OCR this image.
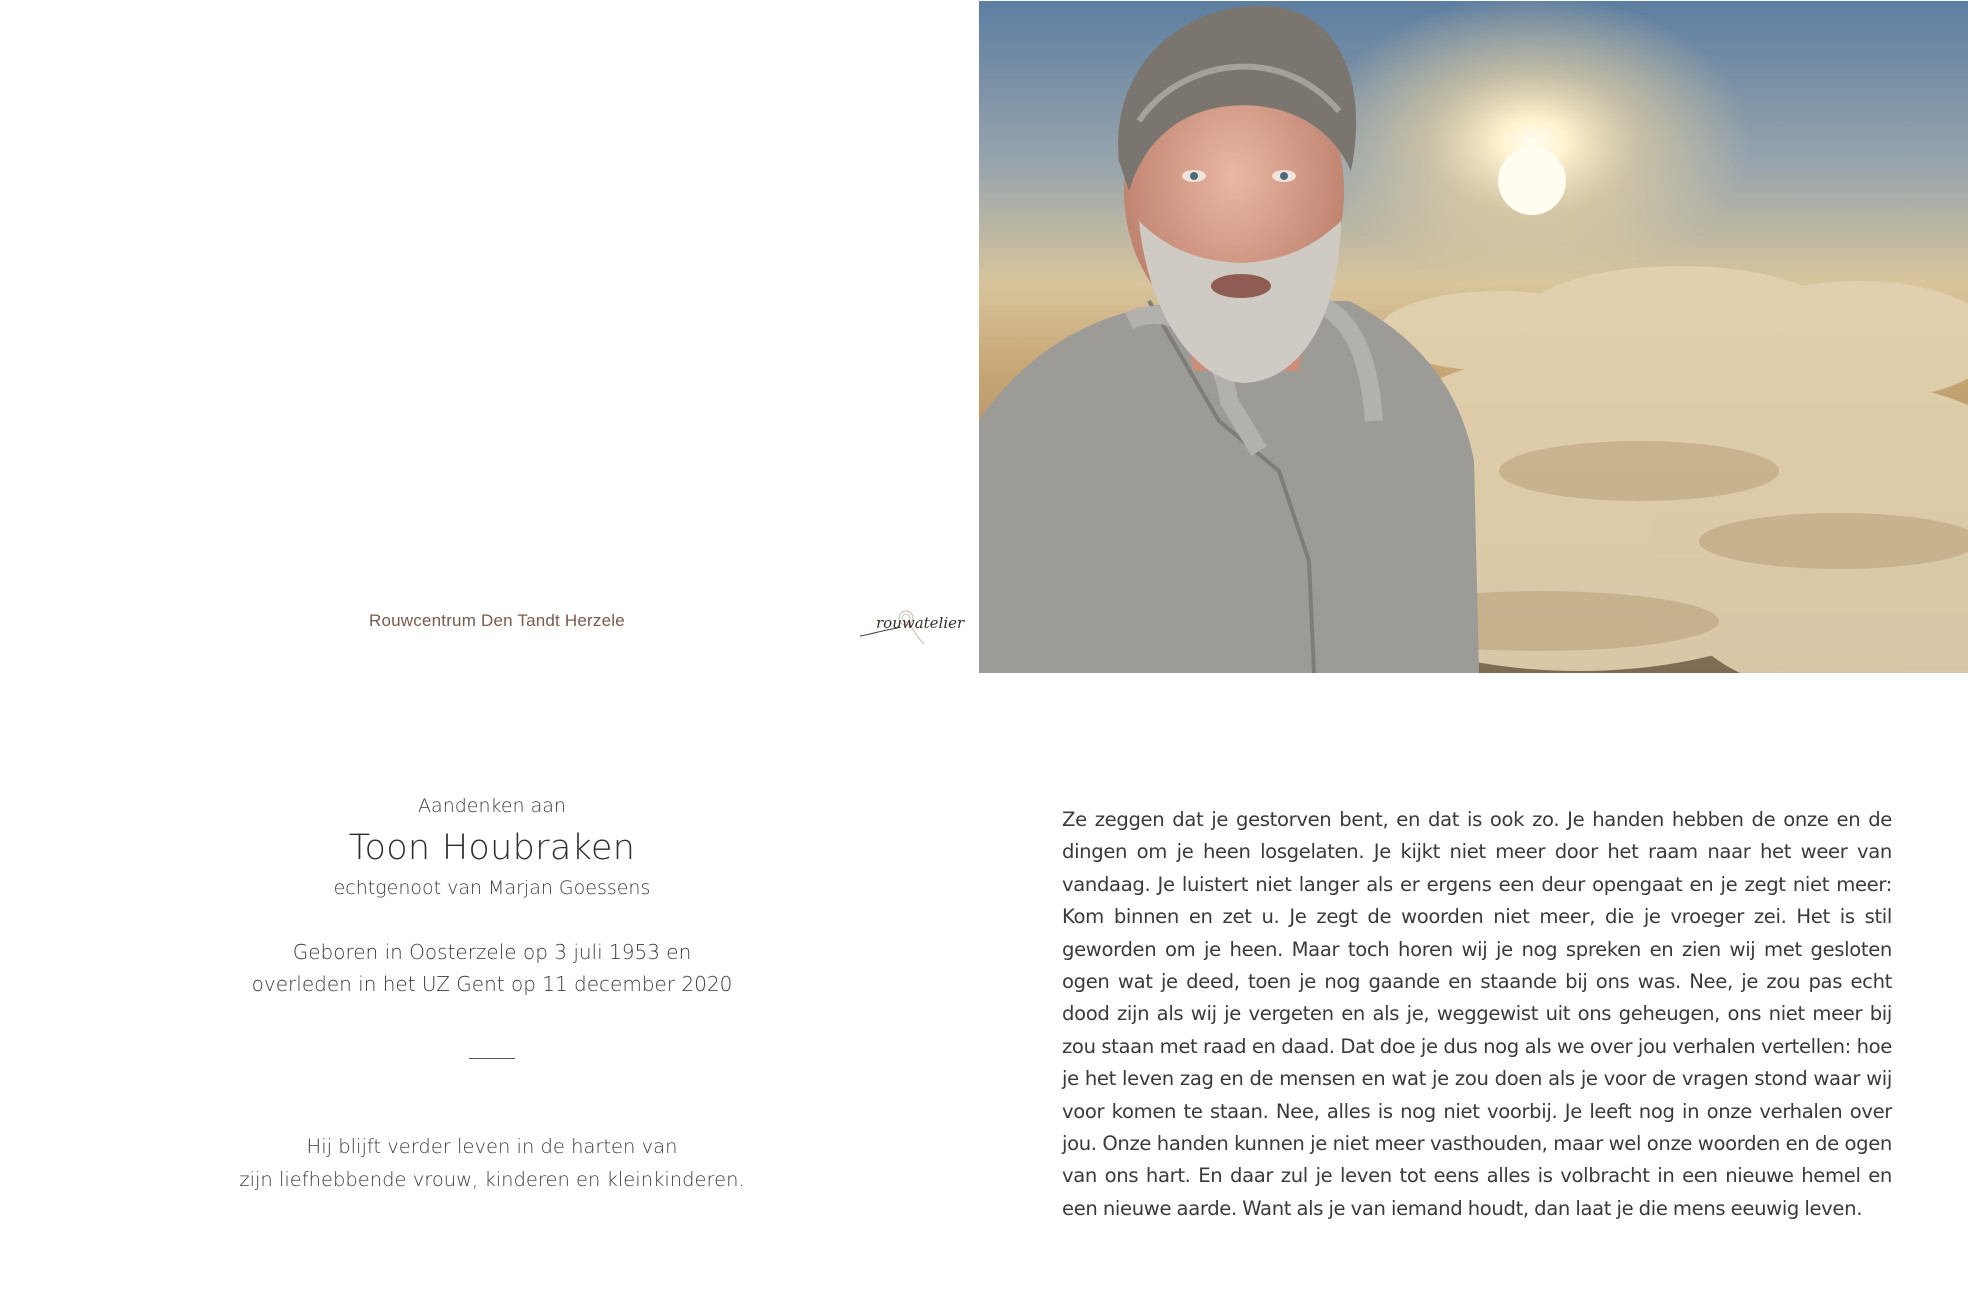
Rouwcentrum Den Tandt Herzele	rouwatelier

Aandenken aan

Toon Houbraken

echtgenoot van Marjan Goessens

Geboren in Oosterzele op 3 juli 1953 en
overleden in het UZ Gent op 11 december 2020

Hij blijft verder leven in de harten van
zijn liefhebbende vrouw, kinderen en kleinkinderen.

Ze zeggen dat je gestorven bent, en dat is ook zo. Je handen hebben de onze en de dingen om je heen losgelaten. Je kijkt niet meer door het raam naar het weer van vandaag. Je luistert niet langer als er ergens een deur opengaat en je zegt niet meer: Kom binnen en zet u. Je zegt de woorden niet meer, die je vroeger zei. Het is stil geworden om je heen. Maar toch horen wij je nog spreken en zien wij met gesloten ogen wat je deed, toen je nog gaande en staande bij ons was. Nee, je zou pas echt dood zijn als wij je vergeten en als je, weggewist uit ons geheugen, ons niet meer bij zou staan met raad en daad. Dat doe je dus nog als we over jou verhalen vertellen: hoe je het leven zag en de mensen en wat je zou doen als je voor de vragen stond waar wij voor komen te staan. Nee, alles is nog niet voorbij. Je leeft nog in onze verhalen over jou. Onze handen kunnen je niet meer vasthouden, maar wel onze woorden en de ogen van ons hart. En daar zul je leven tot eens alles is volbracht in een nieuwe hemel en een nieuwe aarde. Want als je van iemand houdt, dan laat je die mens eeuwig leven.
